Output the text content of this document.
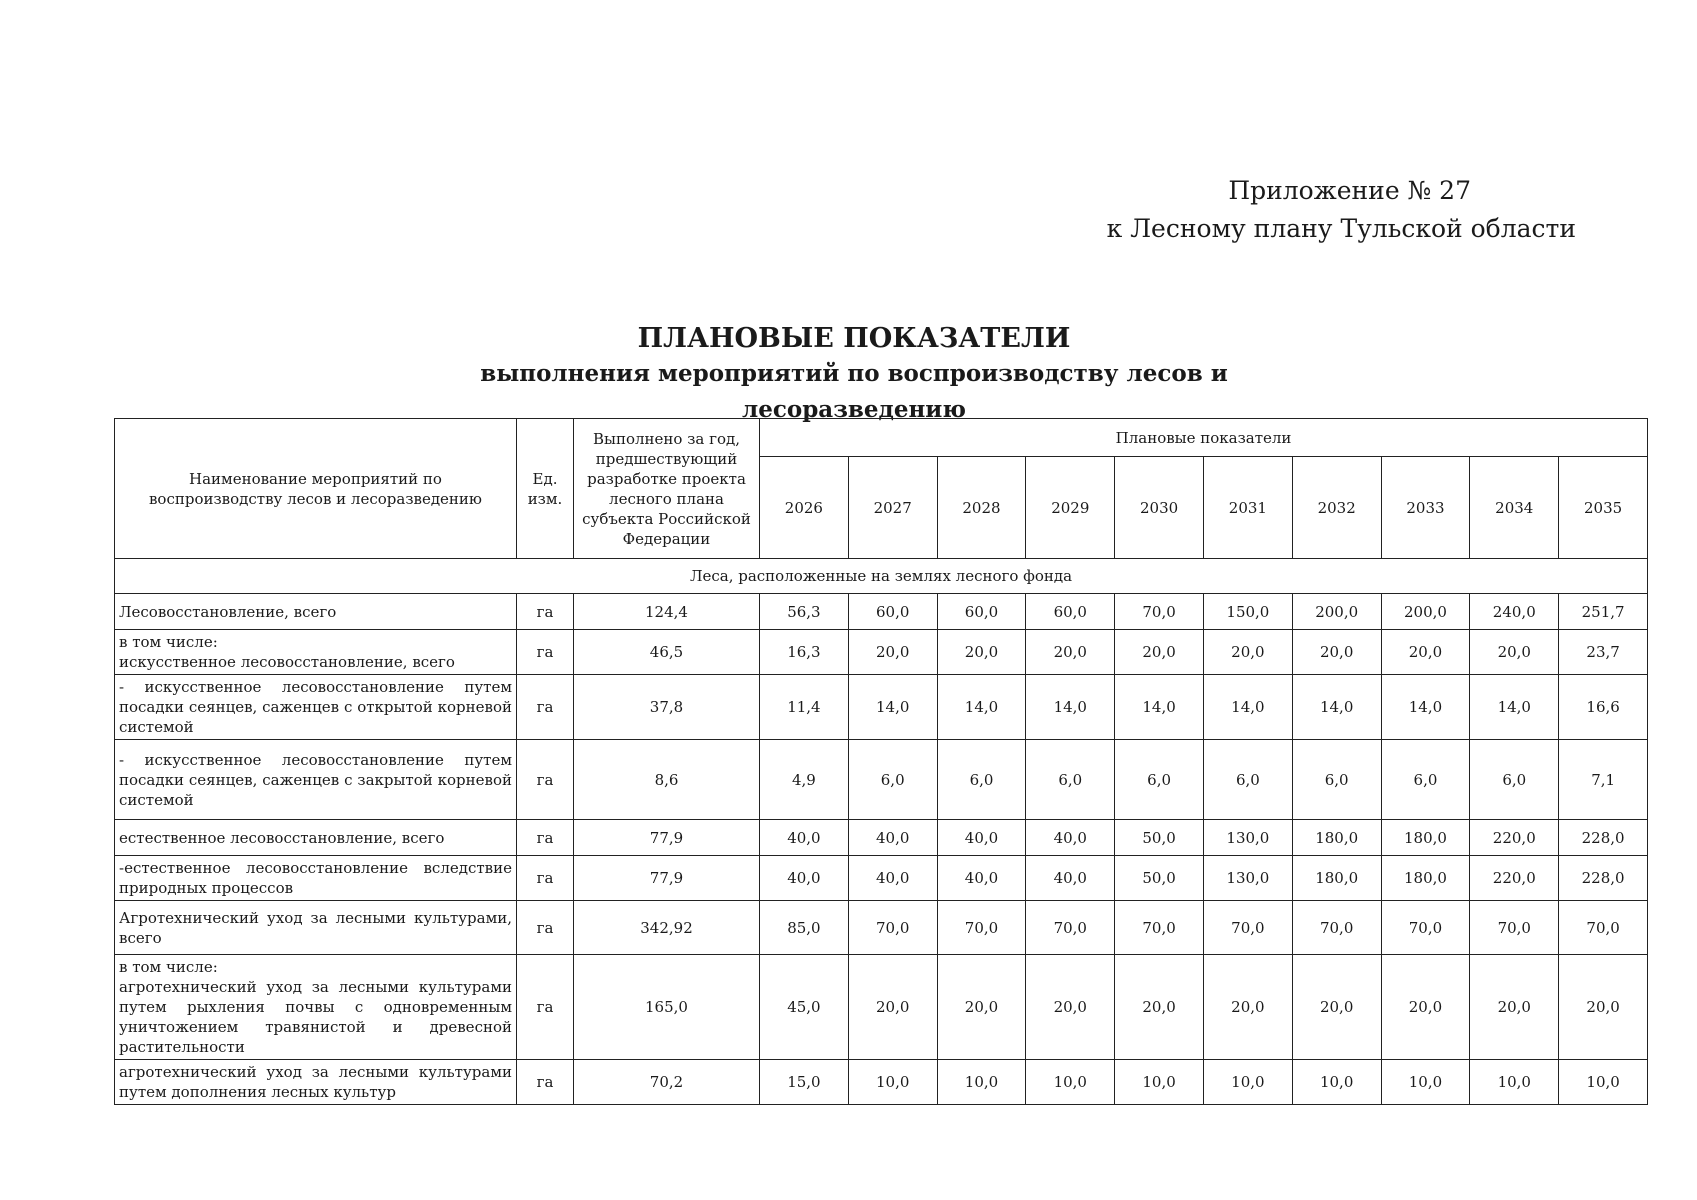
Приложение № 27
к Лесному плану Тульской области
ПЛАНОВЫЕ ПОКАЗАТЕЛИ
выполнения мероприятий по воспроизводству лесов и лесоразведению
Наименование мероприятий по воспроизводству лесов и лесоразведению	Ед. изм.	Выполнено за год, предшествующий разработке проекта лесного плана субъекта Российской Федерации	Плановые показатели									
			2026	2027	2028	2029	2030	2031	2032	2033	2034	2035
Леса, расположенные на землях лесного фонда												

Лесовосстановление, всего	га	124,4	56,3	60,0	60,0	60,0	70,0	150,0	200,0	200,0	240,0	251,7

в том числе:
искусственное лесовосстановление, всего	га	46,5	16,3	20,0	20,0	20,0	20,0	20,0	20,0	20,0	20,0	23,7

- искусственное лесовосстановление путем посадки сеянцев, саженцев с открытой корневой системой	га	37,8	11,4	14,0	14,0	14,0	14,0	14,0	14,0	14,0	14,0	16,6

- искусственное лесовосстановление путем посадки сеянцев, саженцев с закрытой корневой системой	га	8,6	4,9	6,0	6,0	6,0	6,0	6,0	6,0	6,0	6,0	7,1

естественное лесовосстановление, всего	га	77,9	40,0	40,0	40,0	40,0	50,0	130,0	180,0	180,0	220,0	228,0

-естественное лесовосстановление вследствие природных процессов	га	77,9	40,0	40,0	40,0	40,0	50,0	130,0	180,0	180,0	220,0	228,0

Агротехнический уход за лесными культурами, всего	га	342,92	85,0	70,0	70,0	70,0	70,0	70,0	70,0	70,0	70,0	70,0

в том числе:
агротехнический уход за лесными культурами путем рыхления почвы с одновременным уничтожением травянистой и древесной растительности	га	165,0	45,0	20,0	20,0	20,0	20,0	20,0	20,0	20,0	20,0	20,0

агротехнический уход за лесными культурами путем дополнения лесных культур	га	70,2	15,0	10,0	10,0	10,0	10,0	10,0	10,0	10,0	10,0	10,0
